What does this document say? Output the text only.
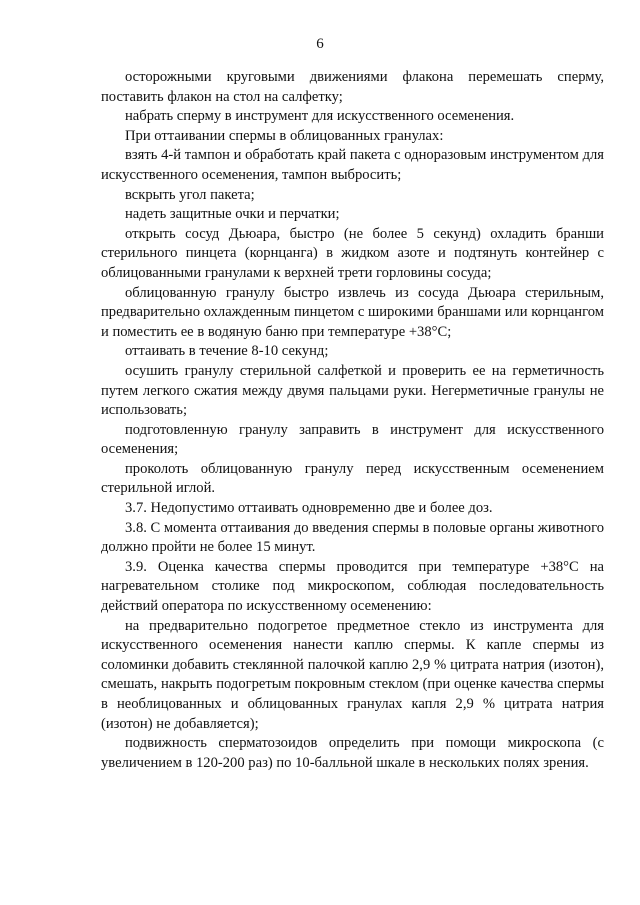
6

осторожными круговыми движениями флакона перемешать сперму, поставить флакон на стол на салфетку;

набрать сперму в инструмент для искусственного осеменения.

При оттаивании спермы в облицованных гранулах:

взять 4-й тампон и обработать край пакета с одноразовым инструментом для искусственного осеменения, тампон выбросить;

вскрыть угол пакета;

надеть защитные очки и перчатки;

открыть сосуд Дьюара, быстро (не более 5 секунд) охладить бранши стерильного пинцета (корнцанга) в жидком азоте и подтянуть контейнер с облицованными гранулами к верхней трети горловины сосуда;

облицованную гранулу быстро извлечь из сосуда Дьюара стерильным, предварительно охлажденным пинцетом с широкими браншами или корнцангом и поместить ее в водяную баню при температуре +38°С;

оттаивать в течение 8-10 секунд;

осушить гранулу стерильной салфеткой и проверить ее на герметичность путем легкого сжатия между двумя пальцами руки. Негерметичные гранулы не использовать;

подготовленную гранулу заправить в инструмент для искусственного осеменения;

проколоть облицованную гранулу перед искусственным осеменением стерильной иглой.

3.7. Недопустимо оттаивать одновременно две и более доз.

3.8. С момента оттаивания до введения спермы в половые органы животного должно пройти не более 15 минут.

3.9. Оценка качества спермы проводится при температуре +38°С на нагревательном столике под микроскопом, соблюдая последовательность действий оператора по искусственному осеменению:

на предварительно подогретое предметное стекло из инструмента для искусственного осеменения нанести каплю спермы. К капле спермы из соломинки добавить стеклянной палочкой каплю 2,9 % цитрата натрия (изотон), смешать, накрыть подогретым покровным стеклом (при оценке качества спермы в необлицованных и облицованных гранулах капля 2,9 % цитрата натрия (изотон) не добавляется);

подвижность сперматозоидов определить при помощи микроскопа (с увеличением в 120-200 раз) по 10-балльной шкале в нескольких полях зрения.
